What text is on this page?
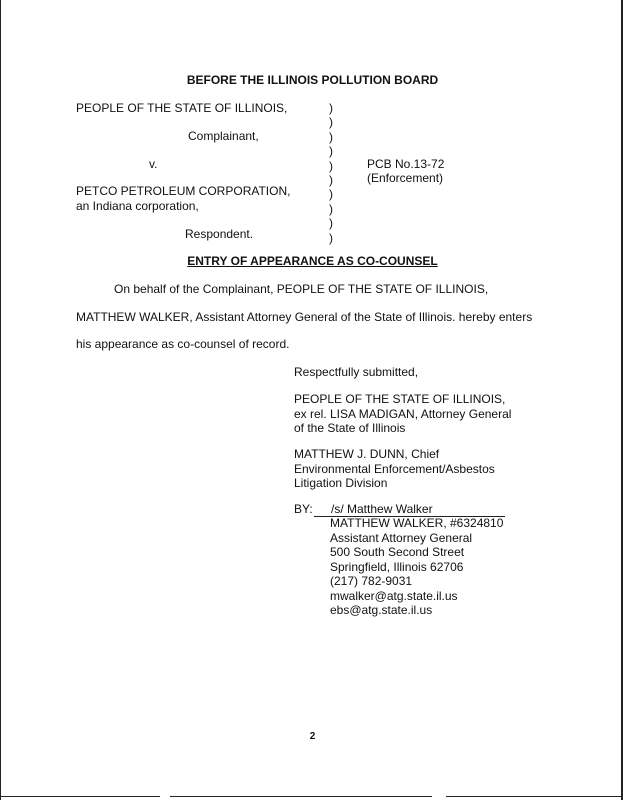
BEFORE THE ILLINOIS POLLUTION BOARD
PEOPLE OF THE STATE OF ILLINOIS,
Complainant,
v.
PETCO PETROLEUM CORPORATION,
an Indiana corporation,
Respondent.
)
)
)
)
)
)
)
)
)
)
PCB No.13-72
(Enforcement)
ENTRY OF APPEARANCE AS CO-COUNSEL
On behalf of the Complainant, PEOPLE OF THE STATE OF ILLINOIS,
MATTHEW WALKER, Assistant Attorney General of the State of Illinois. hereby enters
his appearance as co-counsel of record.
Respectfully submitted,
PEOPLE OF THE STATE OF ILLINOIS,
ex rel. LISA MADIGAN, Attorney General
of the State of Illinois
MATTHEW J. DUNN, Chief
Environmental Enforcement/Asbestos
Litigation Division
BY: /s/ Matthew Walker
MATTHEW WALKER, #6324810
Assistant Attorney General
500 South Second Street
Springfield, Illinois 62706
(217) 782-9031
mwalker@atg.state.il.us
ebs@atg.state.il.us
2
